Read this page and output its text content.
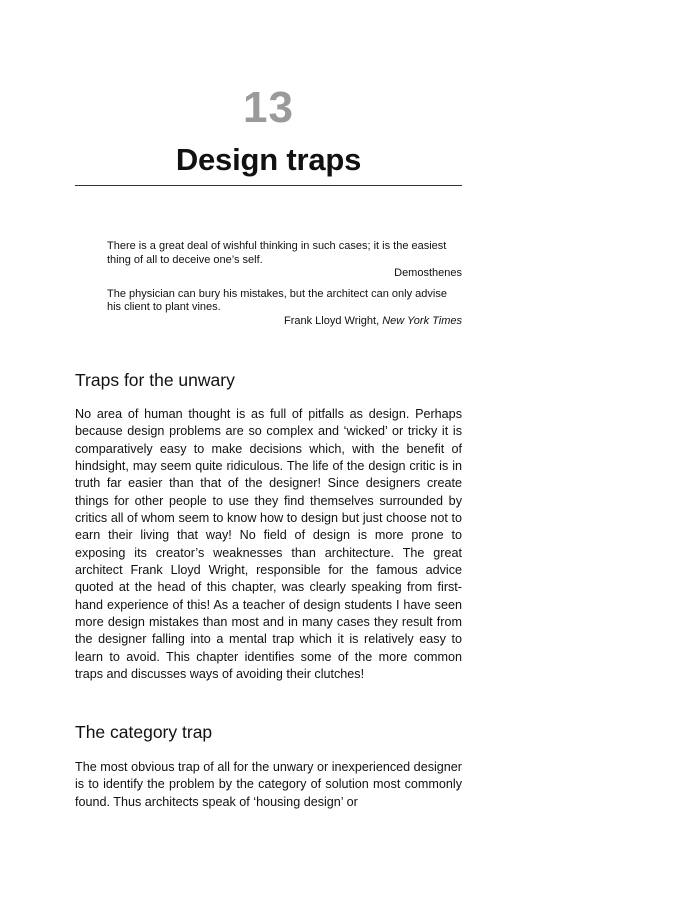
13
Design traps

There is a great deal of wishful thinking in such cases; it is the easiest thing of all to deceive one’s self.

Demosthenes

The physician can bury his mistakes, but the architect can only advise his client to plant vines.

Frank Lloyd Wright, New York Times

Traps for the unwary

No area of human thought is as full of pitfalls as design. Perhaps because design problems are so complex and ‘wicked’ or tricky it is comparatively easy to make decisions which, with the benefit of hindsight, may seem quite ridiculous. The life of the design critic is in truth far easier than that of the designer! Since designers create things for other people to use they find themselves surrounded by critics all of whom seem to know how to design but just choose not to earn their living that way! No field of design is more prone to exposing its creator’s weaknesses than architecture. The great architect Frank Lloyd Wright, responsible for the famous advice quoted at the head of this chapter, was clearly speaking from first-hand experience of this! As a teacher of design students I have seen more design mistakes than most and in many cases they result from the designer falling into a mental trap which it is relatively easy to learn to avoid. This chapter identifies some of the more common traps and discusses ways of avoiding their clutches!

The category trap

The most obvious trap of all for the unwary or inexperienced designer is to identify the problem by the category of solution most commonly found. Thus architects speak of ‘housing design’ or
